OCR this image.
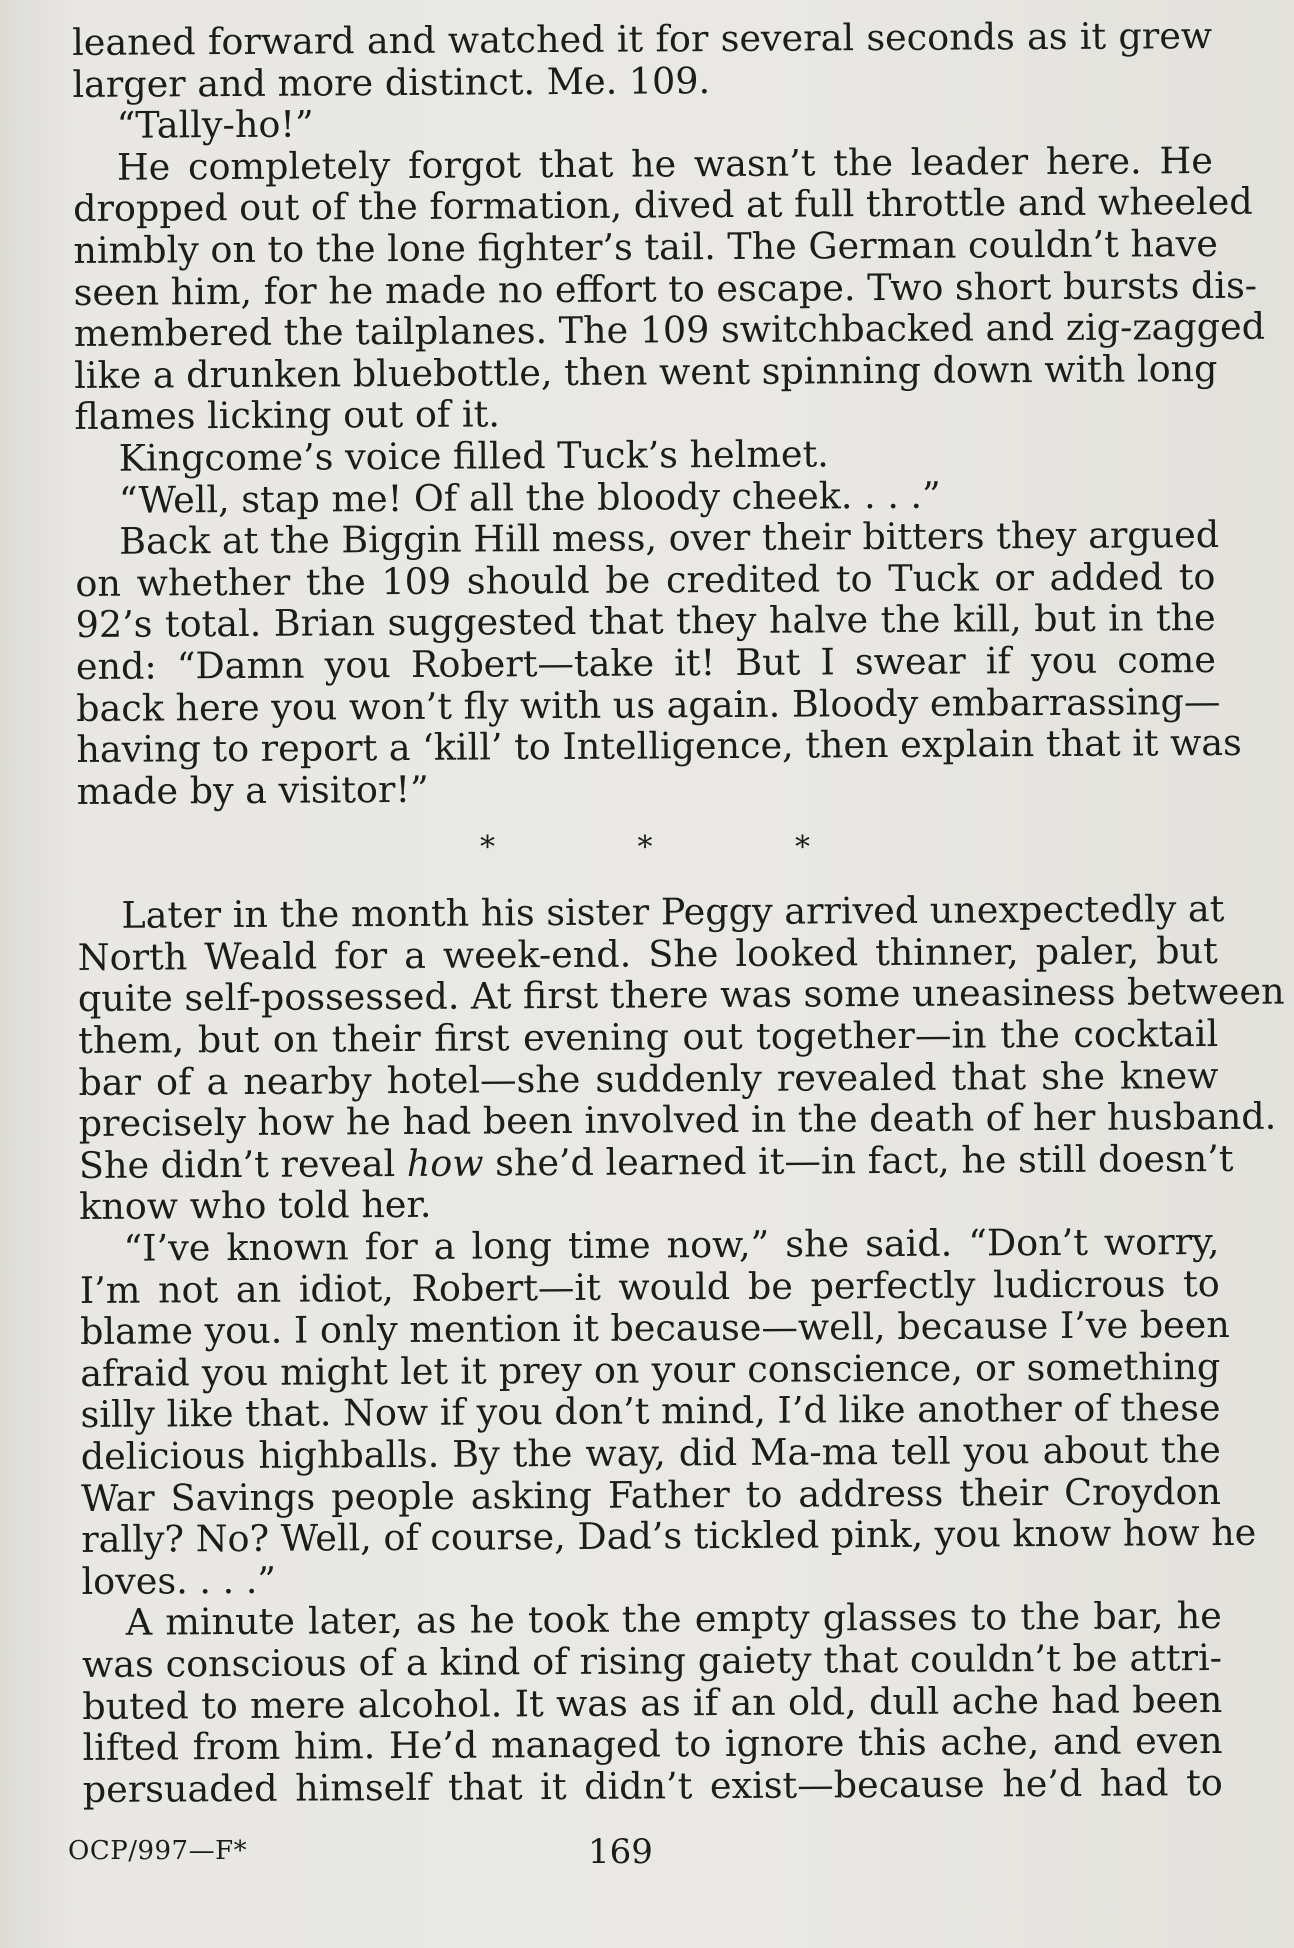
leaned forward and watched it for several seconds as it grew
larger and more distinct. Me. 109.
“Tally-ho!”
He completely forgot that he wasn’t the leader here. He
dropped out of the formation, dived at full throttle and wheeled
nimbly on to the lone fighter’s tail. The German couldn’t have
seen him, for he made no effort to escape. Two short bursts dis-
membered the tailplanes. The 109 switchbacked and zig-zagged
like a drunken bluebottle, then went spinning down with long
flames licking out of it.
Kingcome’s voice filled Tuck’s helmet.
“Well, stap me! Of all the bloody cheek. . . .”
Back at the Biggin Hill mess, over their bitters they argued
on whether the 109 should be credited to Tuck or added to
92’s total. Brian suggested that they halve the kill, but in the
end: “Damn you Robert—take it! But I swear if you come
back here you won’t fly with us again. Bloody embarrassing—
having to report a ‘kill’ to Intelligence, then explain that it was
made by a visitor!”
Later in the month his sister Peggy arrived unexpectedly at
North Weald for a week-end. She looked thinner, paler, but
quite self-possessed. At first there was some uneasiness between
them, but on their first evening out together—in the cocktail
bar of a nearby hotel—she suddenly revealed that she knew
precisely how he had been involved in the death of her husband.
She didn’t reveal how she’d learned it—in fact, he still doesn’t
know who told her.
“I’ve known for a long time now,” she said. “Don’t worry,
I’m not an idiot, Robert—it would be perfectly ludicrous to
blame you. I only mention it because—well, because I’ve been
afraid you might let it prey on your conscience, or something
silly like that. Now if you don’t mind, I’d like another of these
delicious highballs. By the way, did Ma-ma tell you about the
War Savings people asking Father to address their Croydon
rally? No? Well, of course, Dad’s tickled pink, you know how he
loves. . . .”
A minute later, as he took the empty glasses to the bar, he
was conscious of a kind of rising gaiety that couldn’t be attri-
buted to mere alcohol. It was as if an old, dull ache had been
lifted from him. He’d managed to ignore this ache, and even
persuaded himself that it didn’t exist—because he’d had to
*	*	*
OCP/997—F*	169
